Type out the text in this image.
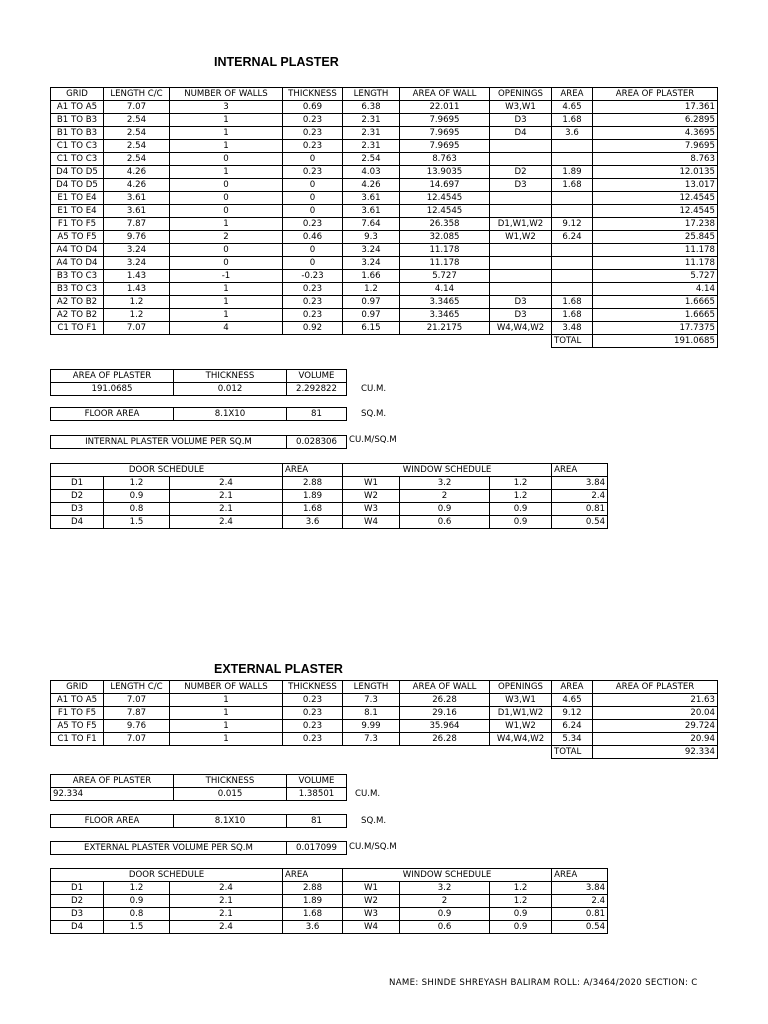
INTERNAL PLASTER
GRID	LENGTH C/C	NUMBER OF WALLS	THICKNESS	LENGTH	AREA OF WALL	OPENINGS	AREA	AREA OF PLASTER
A1 TO A5	7.07	3	0.69	6.38	22.011	W3,W1	4.65	17.361
B1 TO B3	2.54	1	0.23	2.31	7.9695	D3	1.68	6.2895
B1 TO B3	2.54	1	0.23	2.31	7.9695	D4	3.6	4.3695
C1 TO C3	2.54	1	0.23	2.31	7.9695			7.9695
C1 TO C3	2.54	0	0	2.54	8.763			8.763
D4 TO D5	4.26	1	0.23	4.03	13.9035	D2	1.89	12.0135
D4 TO D5	4.26	0	0	4.26	14.697	D3	1.68	13.017
E1 TO E4	3.61	0	0	3.61	12.4545			12.4545
E1 TO E4	3.61	0	0	3.61	12.4545			12.4545
F1 TO F5	7.87	1	0.23	7.64	26.358	D1,W1,W2	9.12	17.238
A5 TO F5	9.76	2	0.46	9.3	32.085	W1,W2	6.24	25.845
A4 TO D4	3.24	0	0	3.24	11.178			11.178
A4 TO D4	3.24	0	0	3.24	11.178			11.178
B3 TO C3	1.43	-1	-0.23	1.66	5.727			5.727
B3 TO C3	1.43	1	0.23	1.2	4.14			4.14
A2 TO B2	1.2	1	0.23	0.97	3.3465	D3	1.68	1.6665
A2 TO B2	1.2	1	0.23	0.97	3.3465	D3	1.68	1.6665
C1 TO F1	7.07	4	0.92	6.15	21.2175	W4,W4,W2	3.48	17.7375
							TOTAL	191.0685
AREA OF PLASTER	THICKNESS	VOLUME
191.0685	0.012	2.292822	CU.M.
FLOOR AREA	8.1X10	81	SQ.M.
INTERNAL PLASTER VOLUME PER SQ.M	0.028306 CU.M/SQ.M
DOOR SCHEDULE			AREA	WINDOW SCHEDULE			AREA
D1	1.2	2.4	2.88	W1	3.2	1.2	3.84
D2	0.9	2.1	1.89	W2	2	1.2	2.4
D3	0.8	2.1	1.68	W3	0.9	0.9	0.81
D4	1.5	2.4	3.6	W4	0.6	0.9	0.54
EXTERNAL PLASTER
GRID	LENGTH C/C	NUMBER OF WALLS	THICKNESS	LENGTH	AREA OF WALL	OPENINGS	AREA	AREA OF PLASTER
A1 TO A5	7.07	1	0.23	7.3	26.28	W3,W1	4.65	21.63
F1 TO F5	7.87	1	0.23	8.1	29.16	D1,W1,W2	9.12	20.04
A5 TO F5	9.76	1	0.23	9.99	35.964	W1,W2	6.24	29.724
C1 TO F1	7.07	1	0.23	7.3	26.28	W4,W4,W2	5.34	20.94
							TOTAL	92.334
AREA OF PLASTER	THICKNESS	VOLUME
92.334	0.015	1.38501 CU.M.
FLOOR AREA	8.1X10	81	SQ.M.
EXTERNAL PLASTER VOLUME PER SQ.M	0.017099 CU.M/SQ.M
DOOR SCHEDULE			AREA	WINDOW SCHEDULE			AREA
D1	1.2	2.4	2.88	W1	3.2	1.2	3.84
D2	0.9	2.1	1.89	W2	2	1.2	2.4
D3	0.8	2.1	1.68	W3	0.9	0.9	0.81
D4	1.5	2.4	3.6	W4	0.6	0.9	0.54
NAME: SHINDE SHREYASH BALIRAM ROLL: A/3464/2020 SECTION: C
